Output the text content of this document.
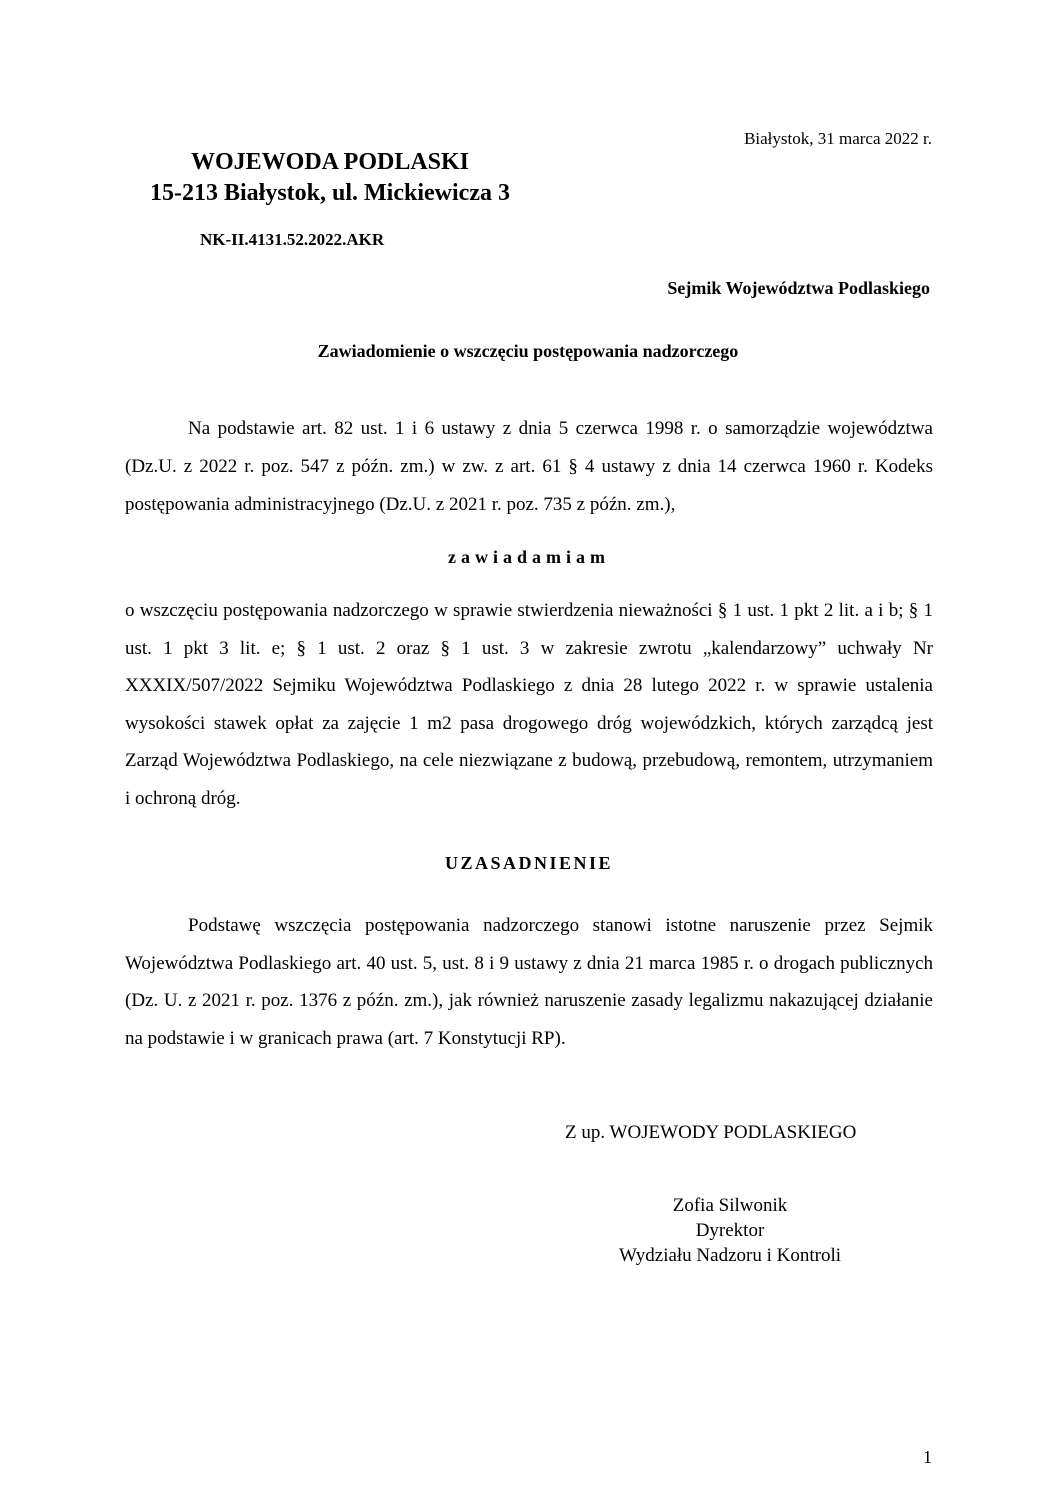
Białystok, 31 marca 2022 r.

WOJEWODA PODLASKI
15-213 Białystok, ul. Mickiewicza 3

NK-II.4131.52.2022.AKR

Sejmik Województwa Podlaskiego

Zawiadomienie o wszczęciu postępowania nadzorczego

Na podstawie art. 82 ust. 1 i 6 ustawy z dnia 5 czerwca 1998 r. o samorządzie województwa (Dz.U. z 2022 r. poz. 547 z późn. zm.) w zw. z art. 61 § 4 ustawy z dnia 14 czerwca 1960 r. Kodeks postępowania administracyjnego (Dz.U. z 2021 r. poz. 735 z późn. zm.),

zawiadamiam

o wszczęciu postępowania nadzorczego w sprawie stwierdzenia nieważności § 1 ust. 1 pkt 2 lit. a i b; § 1 ust. 1 pkt 3 lit. e; § 1 ust. 2 oraz § 1 ust. 3 w zakresie zwrotu „kalendarzowy” uchwały Nr XXXIX/507/2022 Sejmiku Województwa Podlaskiego z dnia 28 lutego 2022 r. w sprawie ustalenia wysokości stawek opłat za zajęcie 1 m2 pasa drogowego dróg wojewódzkich, których zarządcą jest Zarząd Województwa Podlaskiego, na cele niezwiązane z budową, przebudową, remontem, utrzymaniem i ochroną dróg.

UZASADNIENIE

Podstawę wszczęcia postępowania nadzorczego stanowi istotne naruszenie przez Sejmik Województwa Podlaskiego art. 40 ust. 5, ust. 8 i 9 ustawy z dnia 21 marca 1985 r. o drogach publicznych (Dz. U. z 2021 r. poz. 1376 z późn. zm.), jak również naruszenie zasady legalizmu nakazującej działanie na podstawie i w granicach prawa (art. 7 Konstytucji RP).

Z up. WOJEWODY PODLASKIEGO

Zofia Silwonik
Dyrektor
Wydziału Nadzoru i Kontroli

1
